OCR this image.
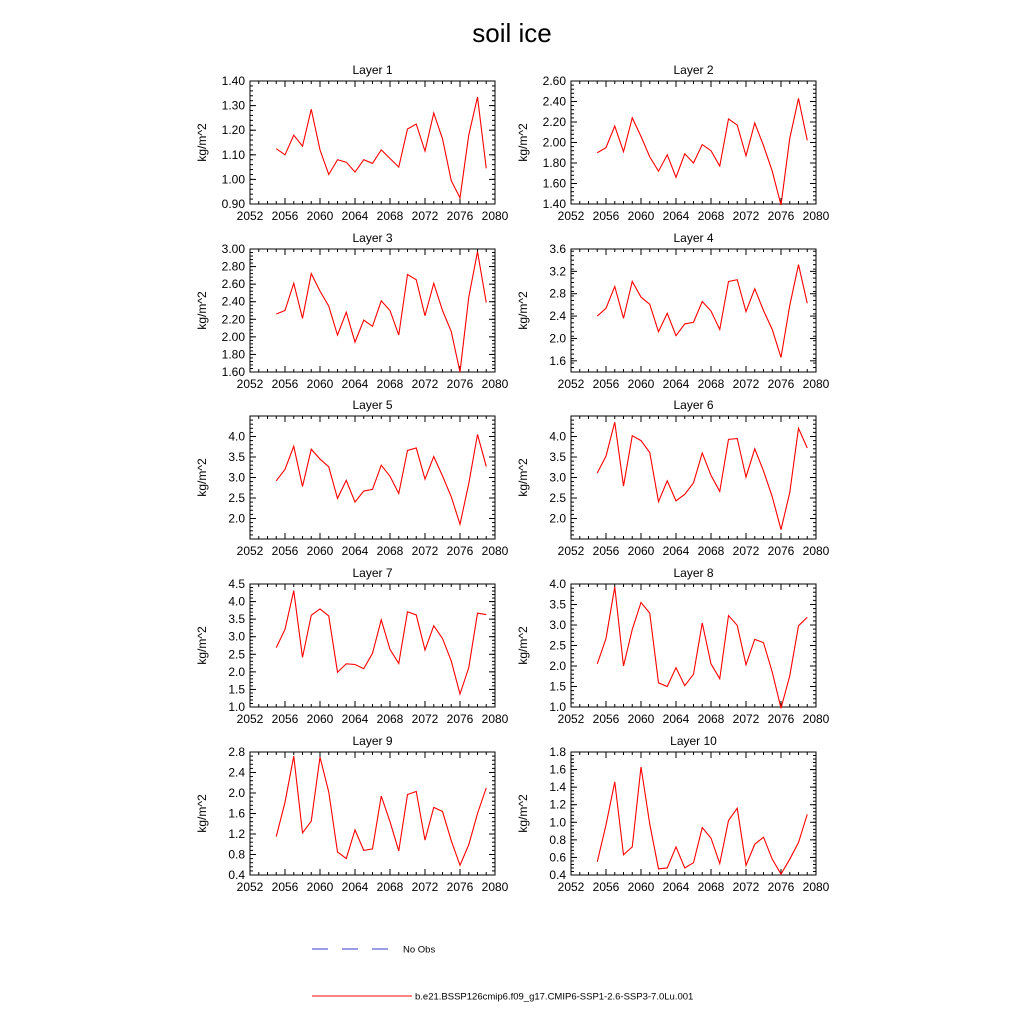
soil ice
Layer 1
2052 2056 2060 2064 2068 2072 2076 2080
0.90
1.00
1.10
1.20
1.30
1.40
kg/m^2
Layer 2
2052 2056 2060 2064 2068 2072 2076 2080
1.40
1.60
1.80
2.00
2.20
2.40
2.60
kg/m^2
Layer 3
2052 2056 2060 2064 2068 2072 2076 2080
1.60
1.80
2.00
2.20
2.40
2.60
2.80
3.00
kg/m^2
Layer 4
2052 2056 2060 2064 2068 2072 2076 2080
1.6
2.0
2.4
2.8
3.2
3.6
kg/m^2
Layer 5
2052 2056 2060 2064 2068 2072 2076 2080
2.0
2.5
3.0
3.5
4.0
kg/m^2
Layer 6
2052 2056 2060 2064 2068 2072 2076 2080
2.0
2.5
3.0
3.5
4.0
kg/m^2
Layer 7
2052 2056 2060 2064 2068 2072 2076 2080
1.0
1.5
2.0
2.5
3.0
3.5
4.0
4.5
kg/m^2
Layer 8
2052 2056 2060 2064 2068 2072 2076 2080
1.0
1.5
2.0
2.5
3.0
3.5
4.0
kg/m^2
Layer 9
2052 2056 2060 2064 2068 2072 2076 2080
0.4
0.8
1.2
1.6
2.0
2.4
2.8
kg/m^2
Layer 10
2052 2056 2060 2064 2068 2072 2076 2080
0.4
0.6
0.8
1.0
1.2
1.4
1.6
1.8
kg/m^2
No Obs
b.e21.BSSP126cmip6.f09_g17.CMIP6-SSP1-2.6-SSP3-7.0Lu.001
